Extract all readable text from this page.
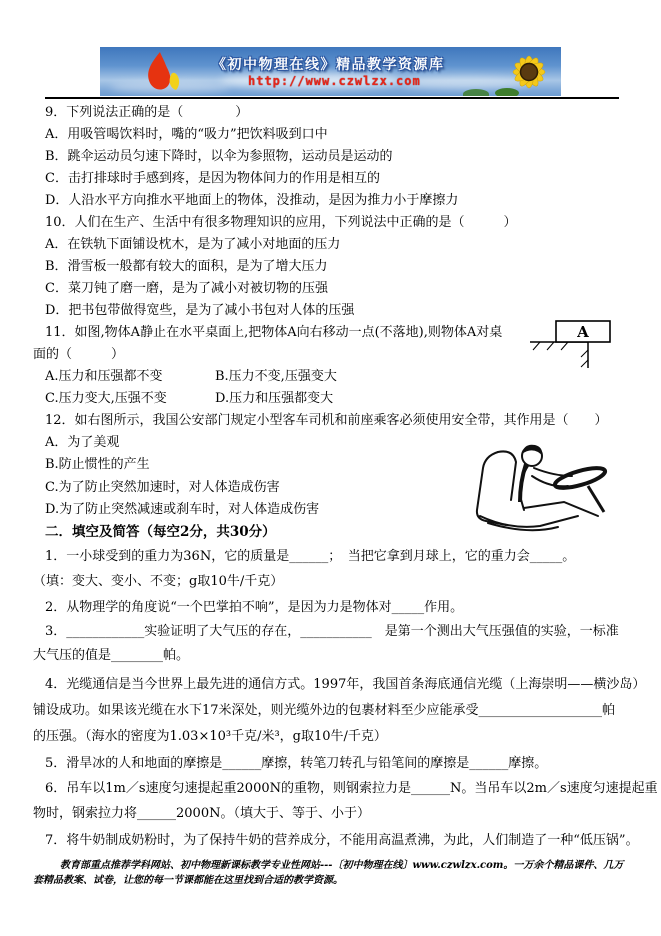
《初中物理在线》精品教学资源库
http://www.czwlzx.com
9．下列说法正确的是（　　　　）
A．用吸管喝饮料时，嘴的“吸力”把饮料吸到口中
B．跳伞运动员匀速下降时，以伞为参照物，运动员是运动的
C．击打排球时手感到疼，是因为物体间力的作用是相互的
D．人沿水平方向推水平地面上的物体，没推动，是因为推力小于摩擦力
10．人们在生产、生活中有很多物理知识的应用，下列说法中正确的是（　　　）
A．在铁轨下面铺设枕木，是为了减小对地面的压力
B．滑雪板一般都有较大的面积，是为了增大压力
C．菜刀钝了磨一磨，是为了减小对被切物的压强
D．把书包带做得宽些，是为了减小书包对人体的压强
11．如图,物体A静止在水平桌面上,把物体A向右移动一点(不落地),则物体A对桌
面的（　　　）
A.压力和压强都不变	B.压力不变,压强变大
C.压力变大,压强不变	D.压力和压强都变大
A
12．如右图所示，我国公安部门规定小型客车司机和前座乘客必须使用安全带，其作用是（　　）
A．为了美观
B.防止惯性的产生
C.为了防止突然加速时，对人体造成伤害
D.为了防止突然减速或刹车时，对人体造成伤害
二．填空及简答（每空2分，共30分）
1．一小球受到的重力为36N，它的质量是______；　当把它拿到月球上，它的重力会_____。
（填：变大、变小、不变；g取10牛/千克）
2．从物理学的角度说“一个巴掌拍不响”，是因为力是物体对_____作用。
3．____________实验证明了大气压的存在，___________　是第一个测出大气压强值的实验，一标准
大气压的值是________帕。
4．光缆通信是当今世界上最先进的通信方式。1997年，我国首条海底通信光缆（上海崇明——横沙岛）
铺设成功。如果该光缆在水下17米深处，则光缆外边的包裹材料至少应能承受___________________帕
的压强。（海水的密度为1.03×10³千克/米³，g取10牛/千克）
5．滑旱冰的人和地面的摩擦是______摩擦，转笔刀转孔与铅笔间的摩擦是______摩擦。
6．吊车以1m／s速度匀速提起重2000N的重物，则钢索拉力是______N。当吊车以2m／s速度匀速提起重
物时，钢索拉力将______2000N。（填大于、等于、小于）
7．将牛奶制成奶粉时，为了保持牛奶的营养成分，不能用高温煮沸，为此，人们制造了一种“低压锅”。
教育部重点推荐学科网站、初中物理新课标教学专业性网站---〔初中物理在线〕www.czwlzx.com。一万余个精品课件、几万
套精品教案、试卷，让您的每一节课都能在这里找到合适的教学资源。
